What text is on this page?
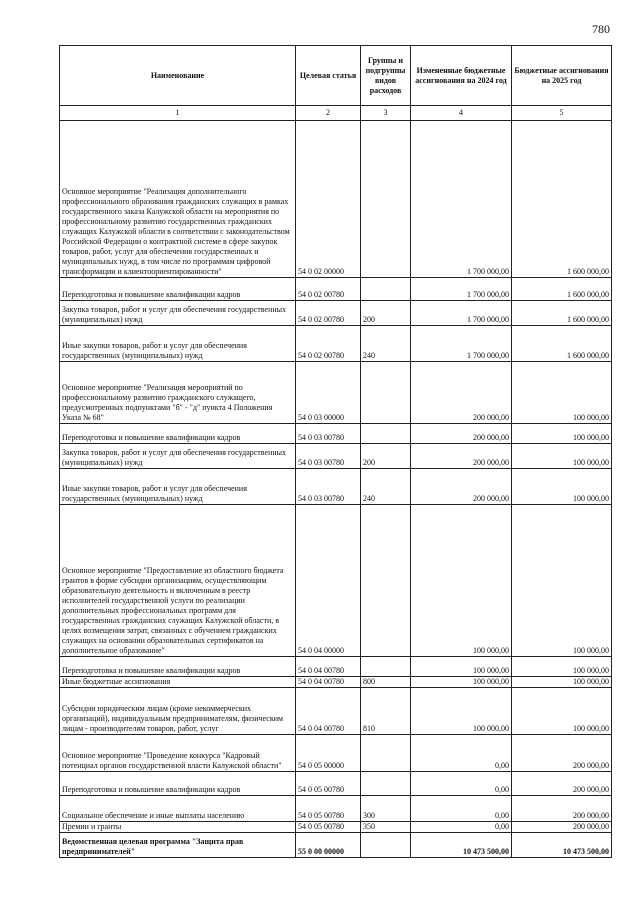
780
Наименование	Целевая статья	Группы и подгруппы видов расходов	Измененные бюджетные ассигнования на 2024 год	Бюджетные ассигнования на 2025 год
1	2	3	4	5
Основное мероприятие "Реализация дополнительного профессионального образования гражданских служащих в рамках государственного заказа Калужской области на мероприятия по профессиональному развитию государственных гражданских служащих Калужской области в соответствии с законодательством Российской Федерации о контрактной системе в сфере закупок товаров, работ, услуг для обеспечения государственных и муниципальных нужд, в том числе по программам цифровой трансформации и клиентоориентированности"	54 0 02 00000		1 700 000,00	1 600 000,00
Переподготовка и повышение квалификации кадров	54 0 02 00780		1 700 000,00	1 600 000,00
Закупка товаров, работ и услуг для обеспечения государственных (муниципальных) нужд	54 0 02 00780	200	1 700 000,00	1 600 000,00
Иные закупки товаров, работ и услуг для обеспечения государственных (муниципальных) нужд	54 0 02 00780	240	1 700 000,00	1 600 000,00
Основное мероприятие "Реализация мероприятий по профессиональному развитию гражданского служащего, предусмотренных подпунктами "б" - "д" пункта 4 Положения Указа № 68"	54 0 03 00000		200 000,00	100 000,00
Переподготовка и повышение квалификации кадров	54 0 03 00780		200 000,00	100 000,00
Закупка товаров, работ и услуг для обеспечения государственных (муниципальных) нужд	54 0 03 00780	200	200 000,00	100 000,00
Иные закупки товаров, работ и услуг для обеспечения государственных (муниципальных) нужд	54 0 03 00780	240	200 000,00	100 000,00
Основное мероприятие "Предоставление из областного бюджета грантов в форме субсидии организациям, осуществляющим образовательную деятельность и включенным в реестр исполнителей государственной услуги по реализации дополнительных профессиональных программ для государственных гражданских служащих Калужской области, в целях возмещения затрат, связанных с обучением гражданских служащих на основании образовательных сертификатов на дополнительное образование"	54 0 04 00000		100 000,00	100 000,00
Переподготовка и повышение квалификации кадров	54 0 04 00780		100 000,00	100 000,00
Иные бюджетные ассигнования	54 0 04 00780	800	100 000,00	100 000,00
Субсидии юридическим лицам (кроме некоммерческих организаций), индивидуальным предпринимателям, физическим лицам - производителям товаров, работ, услуг	54 0 04 00780	810	100 000,00	100 000,00
Основное мероприятие "Проведение конкурса "Кадровый потенциал органов государственной власти Калужской области"	54 0 05 00000		0,00	200 000,00
Переподготовка и повышение квалификации кадров	54 0 05 00780		0,00	200 000,00
Социальное обеспечение и иные выплаты населению	54 0 05 00780	300	0,00	200 000,00
Премии и гранты	54 0 05 00780	350	0,00	200 000,00
Ведомственная целевая программа "Защита прав предпринимателей"	55 0 00 00000		10 473 500,00	10 473 500,00
